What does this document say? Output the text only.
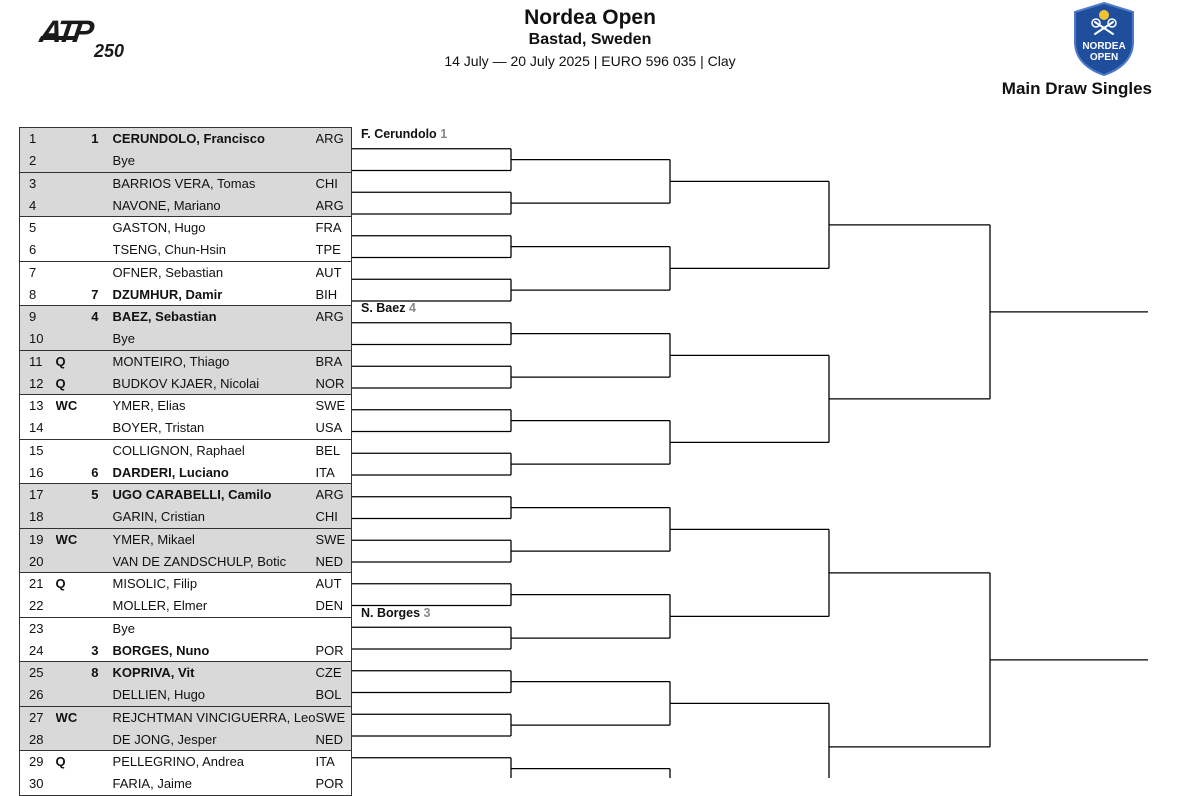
ATP
250
Nordea Open
Bastad, Sweden
14 July — 20 July 2025 | EURO 596 035 | Clay
NORDEA
OPEN
Main Draw Singles
1		1	CERUNDOLO, Francisco	ARG
2			Bye	
3			BARRIOS VERA, Tomas	CHI
4			NAVONE, Mariano	ARG
5			GASTON, Hugo	FRA
6			TSENG, Chun-Hsin	TPE
7			OFNER, Sebastian	AUT
8		7	DZUMHUR, Damir	BIH
9		4	BAEZ, Sebastian	ARG
10			Bye	
11	Q		MONTEIRO, Thiago	BRA
12	Q		BUDKOV KJAER, Nicolai	NOR
13	WC		YMER, Elias	SWE
14			BOYER, Tristan	USA
15			COLLIGNON, Raphael	BEL
16		6	DARDERI, Luciano	ITA
17		5	UGO CARABELLI, Camilo	ARG
18			GARIN, Cristian	CHI
19	WC		YMER, Mikael	SWE
20			VAN DE ZANDSCHULP, Botic	NED
21	Q		MISOLIC, Filip	AUT
22			MOLLER, Elmer	DEN
23			Bye	
24		3	BORGES, Nuno	POR
25		8	KOPRIVA, Vit	CZE
26			DELLIEN, Hugo	BOL
27	WC		REJCHTMAN VINCIGUERRA, Leo	SWE
28			DE JONG, Jesper	NED
29	Q		PELLEGRINO, Andrea	ITA
30			FARIA, Jaime	POR
F. Cerundolo 1
S. Baez 4
N. Borges 3
